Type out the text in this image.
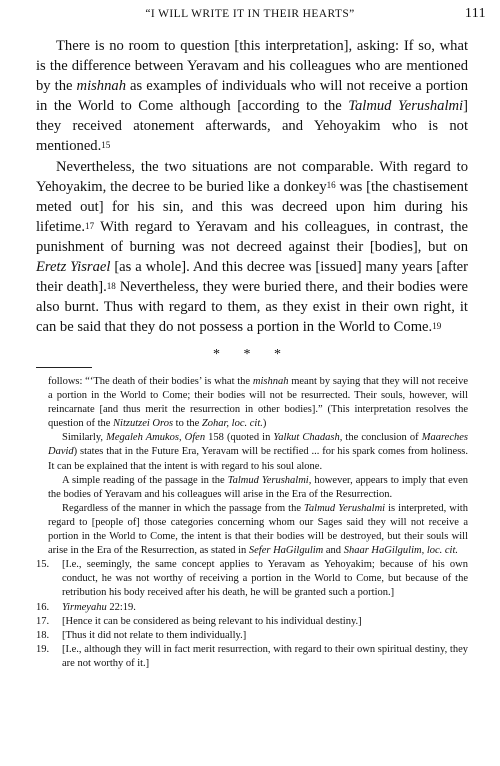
“I WILL WRITE IT IN THEIR HEARTS”	111

There is no room to question [this interpretation], asking: If so, what is the difference between Yeravam and his colleagues who are mentioned by the mishnah as examples of individuals who will not receive a portion in the World to Come although [according to the Talmud Yerushalmi] they received atonement afterwards, and Yehoyakim who is not mentioned.$^{15}$

Nevertheless, the two situations are not comparable. With regard to Yehoyakim, the decree to be buried like a donkey$^{16}$ was [the chastisement meted out] for his sin, and this was decreed upon him during his lifetime.$^{17}$ With regard to Yeravam and his colleagues, in contrast, the punishment of burning was not decreed against their [bodies], but on Eretz Yisrael [as a whole]. And this decree was [issued] many years [after their death].$^{18}$ Nevertheless, they were buried there, and their bodies were also burnt. Thus with regard to them, as they exist in their own right, it can be said that they do not possess a portion in the World to Come.$^{19}$

* * *

follows: “‘The death of their bodies’ is what the mishnah meant by saying that they will not receive a portion in the World to Come; their bodies will not be resurrected. Their souls, however, will reincarnate [and thus merit the resurrection in other bodies].” (This interpretation resolves the question of the Nitzutzei Oros to the Zohar, loc. cit.)

Similarly, Megaleh Amukos, Ofen 158 (quoted in Yalkut Chadash, the conclusion of Maareches David) states that in the Future Era, Yeravam will be rectified ... for his spark comes from holiness. It can be explained that the intent is with regard to his soul alone.

A simple reading of the passage in the Talmud Yerushalmi, however, appears to imply that even the bodies of Yeravam and his colleagues will arise in the Era of the Resurrection.

Regardless of the manner in which the passage from the Talmud Yerushalmi is interpreted, with regard to [people of] those categories concerning whom our Sages said they will not receive a portion in the World to Come, the intent is that their bodies will be destroyed, but their souls will arise in the Era of the Resurrection, as stated in Sefer HaGilgulim and Shaar HaGilgulim, loc. cit.

15. [I.e., seemingly, the same concept applies to Yeravam as Yehoyakim; because of his own conduct, he was not worthy of receiving a portion in the World to Come, but because of the retribution his body received after his death, he will be granted such a portion.]

16. Yirmeyahu 22:19.

17. [Hence it can be considered as being relevant to his individual destiny.]

18. [Thus it did not relate to them individually.]

19. [I.e., although they will in fact merit resurrection, with regard to their own spiritual destiny, they are not worthy of it.]
